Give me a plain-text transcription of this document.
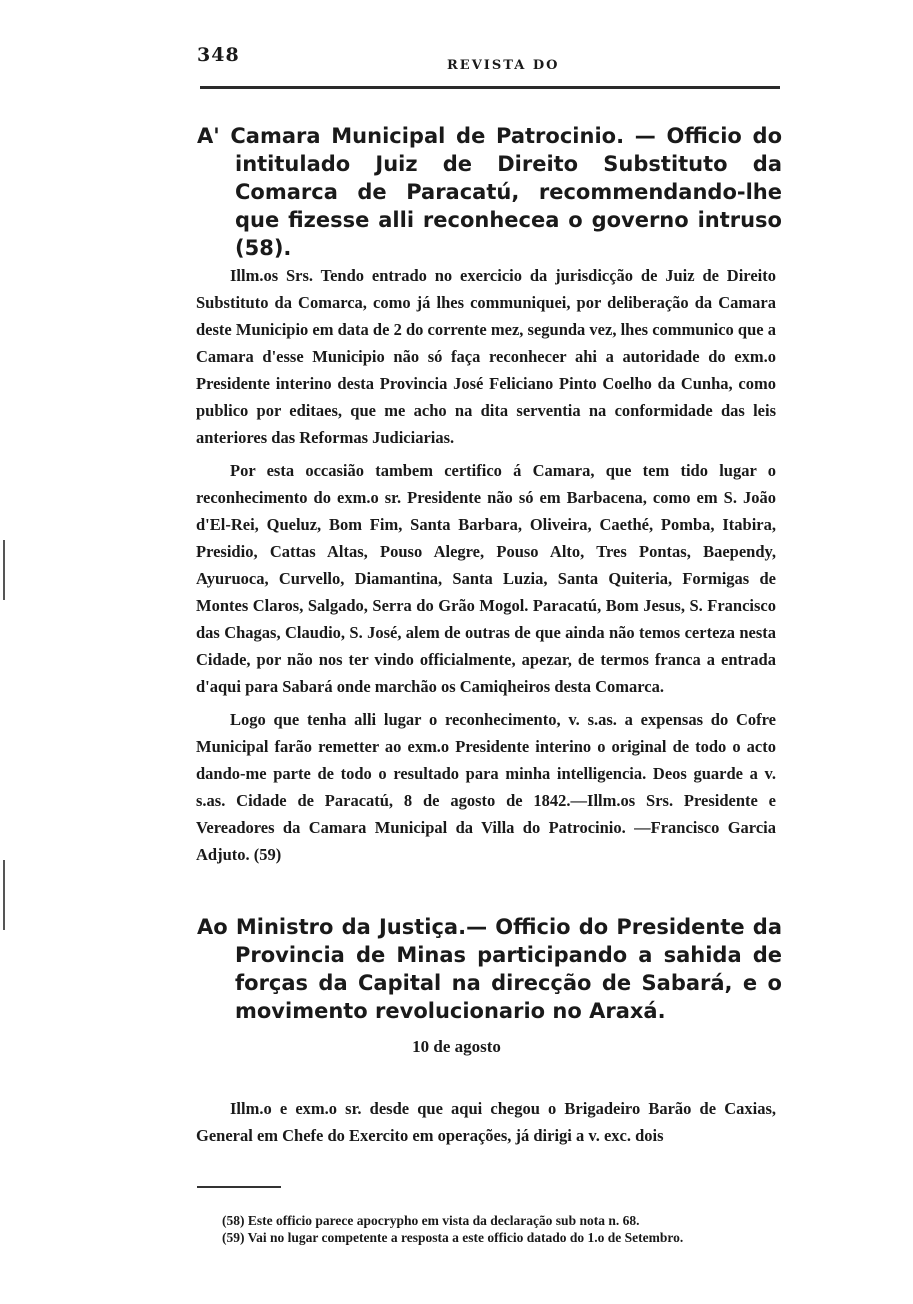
348	REVISTA DO
A' Camara Municipal de Patrocinio. — Officio do intitulado Juiz de Direito Substituto da Comarca de Paracatú, recommendando-lhe que fizesse alli reconhecea o governo intruso (58).

Illm.os Srs. Tendo entrado no exercicio da jurisdicção de Juiz de Direito Substituto da Comarca, como já lhes communiquei, por deliberação da Camara deste Municipio em data de 2 do corrente mez, segunda vez, lhes communico que a Camara d'esse Municipio não só faça reconhecer ahi a autoridade do exm.o Presidente interino desta Provincia José Feliciano Pinto Coelho da Cunha, como publico por editaes, que me acho na dita serventia na conformidade das leis anteriores das Reformas Judiciarias.

Por esta occasião tambem certifico á Camara, que tem tido lugar o reconhecimento do exm.o sr. Presidente não só em Barbacena, como em S. João d'El-Rei, Queluz, Bom Fim, Santa Barbara, Oliveira, Caethé, Pomba, Itabira, Presidio, Cattas Altas, Pouso Alegre, Pouso Alto, Tres Pontas, Baependy, Ayuruoca, Curvello, Diamantina, Santa Luzia, Santa Quiteria, Formigas de Montes Claros, Salgado, Serra do Grão Mogol. Paracatú, Bom Jesus, S. Francisco das Chagas, Claudio, S. José, alem de outras de que ainda não temos certeza nesta Cidade, por não nos ter vindo officialmente, apezar, de termos franca a entrada d'aqui para Sabará onde marchão os Camiqheiros desta Comarca.

Logo que tenha alli lugar o reconhecimento, v. s.as. a expensas do Cofre Municipal farão remetter ao exm.o Presidente interino o original de todo o acto dando-me parte de todo o resultado para minha intelligencia. Deos guarde a v. s.as. Cidade de Paracatú, 8 de agosto de 1842.—Illm.os Srs. Presidente e Vereadores da Camara Municipal da Villa do Patrocinio. —Francisco Garcia Adjuto. (59)

Ao Ministro da Justiça.— Officio do Presidente da Provincia de Minas participando a sahida de forças da Capital na direcção de Sabará, e o movimento revolucionario no Araxá.
10 de agosto

Illm.o e exm.o sr. desde que aqui chegou o Brigadeiro Barão de Caxias, General em Chefe do Exercito em operações, já dirigi a v. exc. dois

(58) Este officio parece apocrypho em vista da declaração sub nota n. 68.
(59) Vai no lugar competente a resposta a este officio datado do 1.o de Setembro.
